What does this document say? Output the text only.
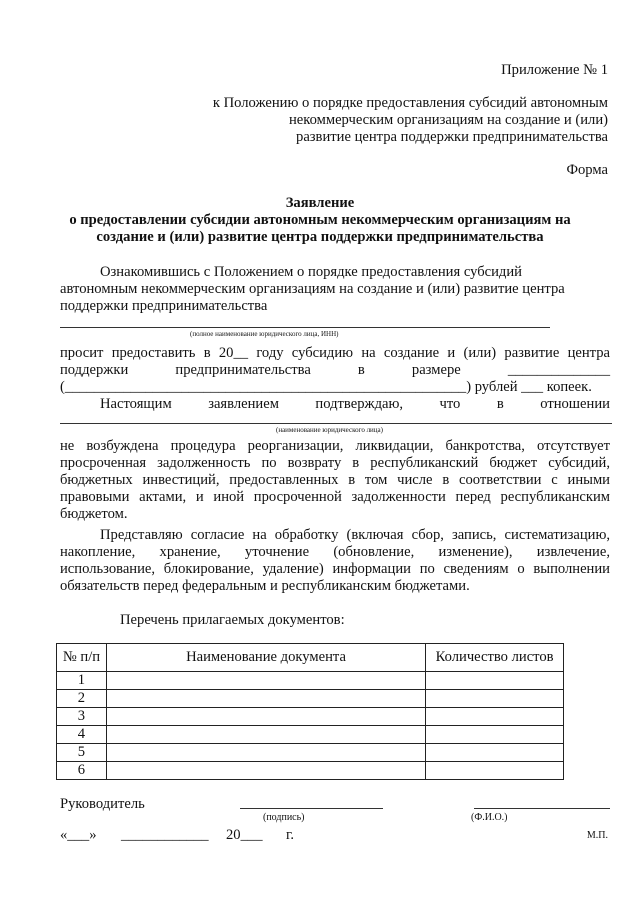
Приложение № 1
к Положению о порядке предоставления субсидий автономным
некоммерческим организациям на создание и (или)
развитие центра поддержки предпринимательства
Форма
Заявление
о предоставлении субсидии автономным некоммерческим организациям на
создание и (или) развитие центра поддержки предпринимательства
Ознакомившись с Положением о порядке предоставления субсидий
автономным некоммерческим организациям на создание и (или) развитие центра
поддержки предпринимательства
(полное наименование юридического лица, ИНН)
просит предоставить в 20__ году субсидию на создание и (или) развитие центра
поддержки	предпринимательства	в	размере	______________
(_______________________________________________________) рублей ___ копеек.
Настоящим заявлением подтверждаю, что в отношении
(наименование юридического лица)
не возбуждена процедура реорганизации, ликвидации, банкротства, отсутствует
просроченная задолженность по возврату в республиканский бюджет субсидий,
бюджетных инвестиций, предоставленных в том числе в соответствии с иными
правовыми актами, и иной просроченной задолженности перед республиканским
бюджетом.
Представляю согласие на обработку (включая сбор, запись, систематизацию,
накопление, хранение, уточнение (обновление, изменение), извлечение,
использование, блокирование, удаление) информации по сведениям о выполнении
обязательств перед федеральным и республиканским бюджетами.
Перечень прилагаемых документов:
№ п/п	Наименование документа	Количество листов
1		
2		
3		
4		
5		
6		
Руководитель
(подпись)	(Ф.И.О.)
«___» ____________ 20___ г.	М.П.
